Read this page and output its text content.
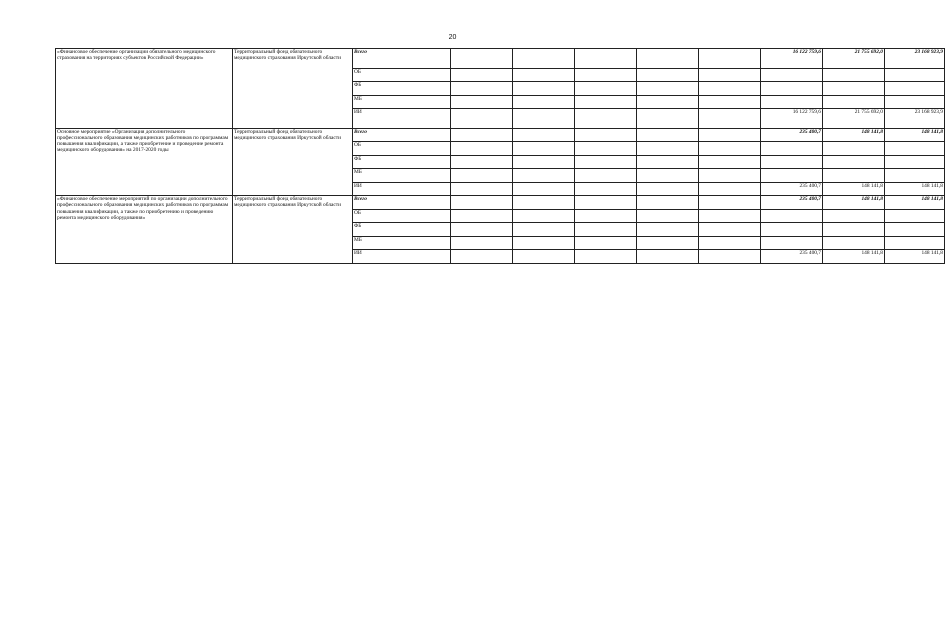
20
«Финансовое обеспечение организации обязательного медицинского страхования на территориях субъектов Российской Федерации»	Территориальный фонд обязательного медицинского страхования Иркутской области	Всего						16 122 759,6	21 755 692,0	23 168 923,9	
		ОБ									
		ФБ									
		МБ									
		ИИ						16 122 759,6	21 755 692,0	23 168 923,9	
Основное мероприятие «Организация дополнительного профессионального образования медицинских работников по программам повышения квалификации, а также приобретение и проведение ремонта медицинского оборудования» на 2017-2020 годы	Территориальный фонд обязательного медицинского страхования Иркутской области	Всего						235 400,7	148 141,8	148 141,8	
		ОБ									
		ФБ									
		МБ									
		ИИ						235 400,7	148 141,8	148 141,8	
«Финансовое обеспечение мероприятий по организации дополнительного профессионального образования медицинских работников по программам повышения квалификации, а также по приобретению и проведению ремонта медицинского оборудования»	Территориальный фонд обязательного медицинского страхования Иркутской области	Всего						235 400,7	148 141,8	148 141,8	
		ОБ									
		ФБ									
		МБ									
		ИИ						235 400,7	148 141,8	148 141,8	
